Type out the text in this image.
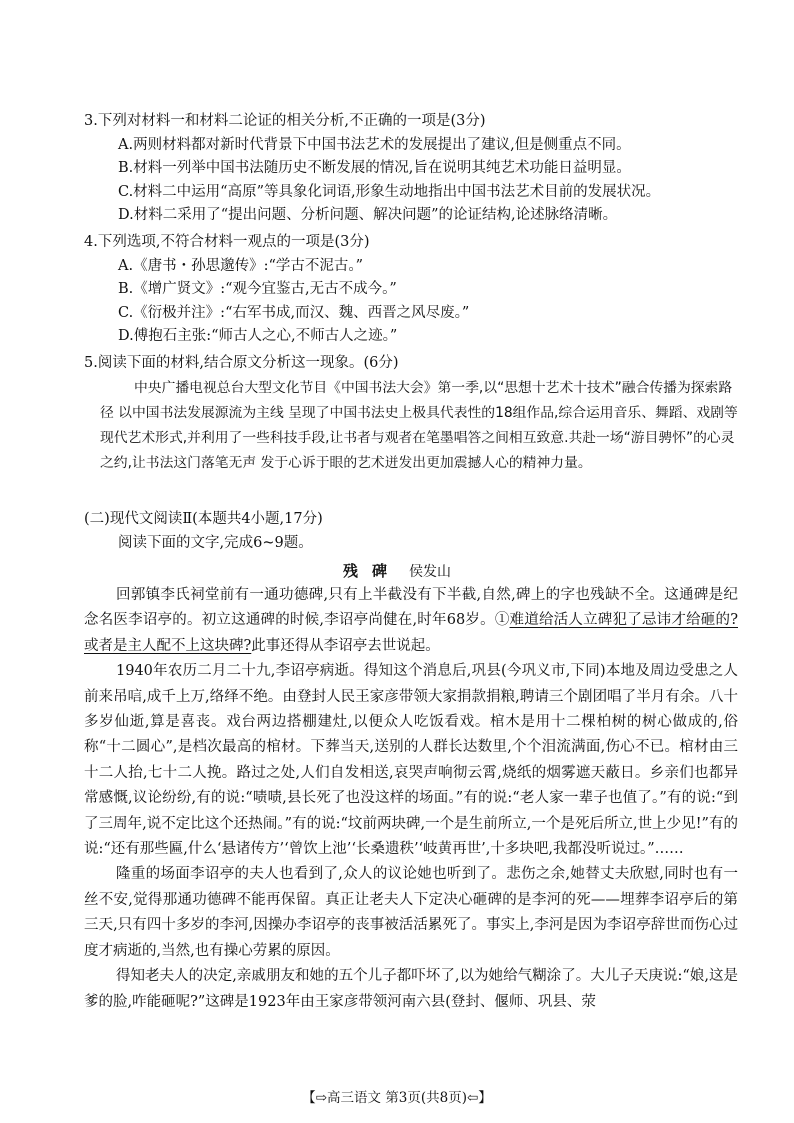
3.下列对材料一和材料二论证的相关分析,不正确的一项是(3分)
A.两则材料都对新时代背景下中国书法艺术的发展提出了建议,但是侧重点不同。
B.材料一列举中国书法随历史不断发展的情况,旨在说明其纯艺术功能日益明显。
C.材料二中运用“高原”等具象化词语,形象生动地指出中国书法艺术目前的发展状况。
D.材料二采用了“提出问题、分析问题、解决问题”的论证结构,论述脉络清晰。
4.下列选项,不符合材料一观点的一项是(3分)
A.《唐书・孙思邈传》:“学古不泥古。”
B.《增广贤文》:“观今宜鉴古,无古不成今。”
C.《衍极并注》:“右军书成,而汉、魏、西晋之风尽废。”
D.傅抱石主张:“师古人之心,不师古人之迹。”
5.阅读下面的材料,结合原文分析这一现象。(6分)
中央广播电视总台大型文化节目《中国书法大会》第一季,以“思想十艺术十技术”融合传播为探索路径 以中国书法发展源流为主线 呈现了中国书法史上极具代表性的18组作品,综合运用音乐、舞蹈、戏剧等现代艺术形式,并利用了一些科技手段,让书者与观者在笔墨唱答之间相互致意.共赴一场“游目骋怀”的心灵之约,让书法这门落笔无声 发于心诉于眼的艺术迸发出更加震撼人心的精神力量。
(二)现代文阅读Ⅱ(本题共4小题,17分)
阅读下面的文字,完成6~9题。
残碑 侯发山
回郭镇李氏祠堂前有一通功德碑,只有上半截没有下半截,自然,碑上的字也残缺不全。这通碑是纪念名医李诏亭的。初立这通碑的时候,李诏亭尚健在,时年68岁。①难道给活人立碑犯了忌讳才给砸的?或者是主人配不上这块碑?此事还得从李诏亭去世说起。
1940年农历二月二十九,李诏亭病逝。得知这个消息后,巩县(今巩义市,下同)本地及周边受患之人前来吊唁,成千上万,络绎不绝。由登封人民王家彦带领大家捐款捐粮,聘请三个剧团唱了半月有余。八十多岁仙逝,算是喜丧。戏台两边搭棚建灶,以便众人吃饭看戏。棺木是用十二棵柏树的树心做成的,俗称“十二圆心”,是档次最高的棺材。下葬当天,送别的人群长达数里,个个泪流满面,伤心不已。棺材由三十二人抬,七十二人挽。路过之处,人们自发相送,哀哭声响彻云霄,烧纸的烟雾遮天蔽日。乡亲们也都异常感慨,议论纷纷,有的说:“啧啧,县长死了也没这样的场面。”有的说:“老人家一辈子也值了。”有的说:“到了三周年,说不定比这个还热闹。”有的说:“坟前两块碑,一个是生前所立,一个是死后所立,世上少见!”有的说:“还有那些匾,什么‘悬诸传方’‘曾饮上池’‘长桑遗秩’‘岐黄再世’,十多块吧,我都没听说过。”……
隆重的场面李诏亭的夫人也看到了,众人的议论她也听到了。悲伤之余,她替丈夫欣慰,同时也有一丝不安,觉得那通功德碑不能再保留。真正让老夫人下定决心砸碑的是李河的死——埋葬李诏亭后的第三天,只有四十多岁的李河,因操办李诏亭的丧事被活活累死了。事实上,李河是因为李诏亭辞世而伤心过度才病逝的,当然,也有操心劳累的原因。
得知老夫人的决定,亲戚朋友和她的五个儿子都吓坏了,以为她给气糊涂了。大儿子天庚说:“娘,这是爹的脸,咋能砸呢?”这碑是1923年由王家彦带领河南六县(登封、偃师、巩县、荥
【⇨高三语文 第3页(共8页)⇦】
